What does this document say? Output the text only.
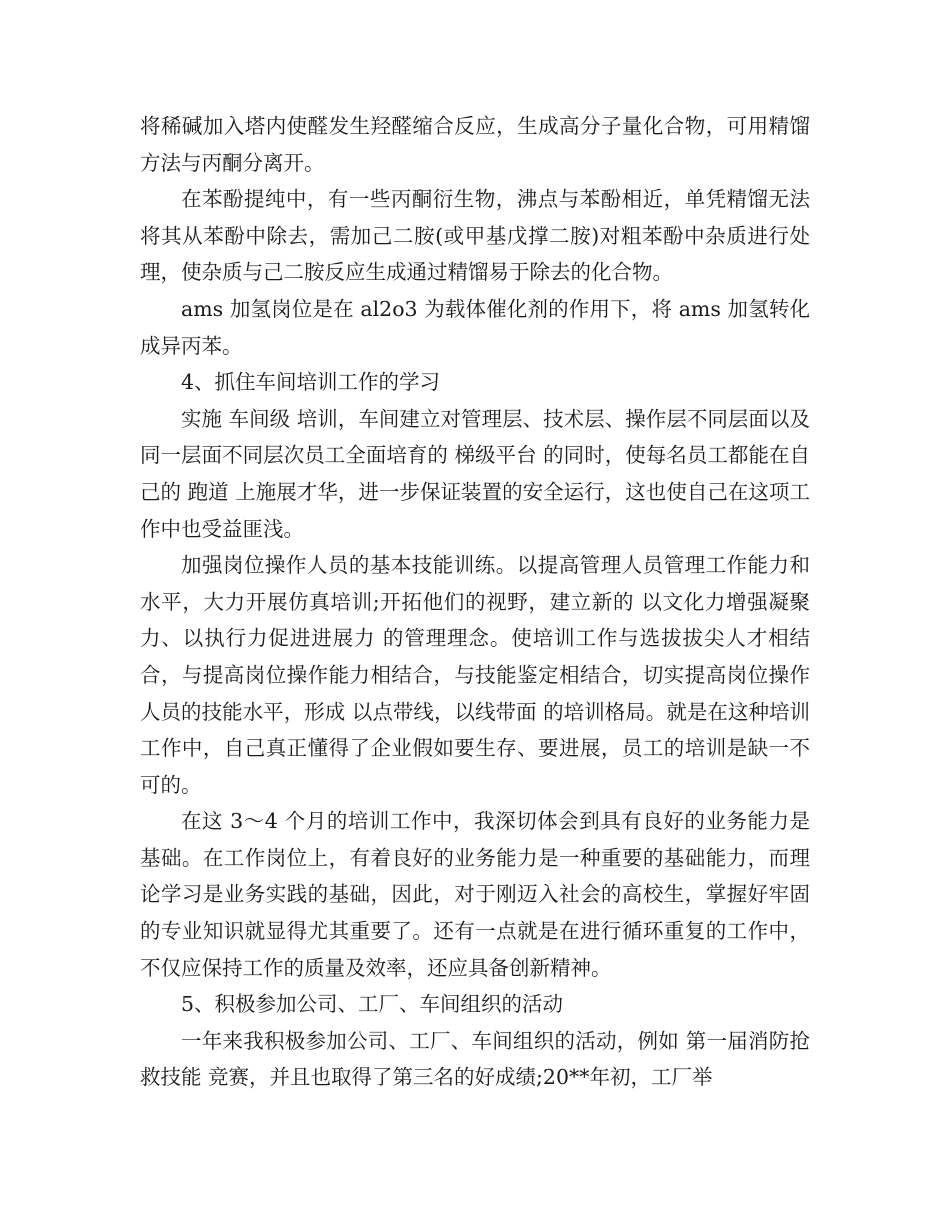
将稀碱加入塔内使醛发生羟醛缩合反应，生成高分子量化合物，可用精馏方法与丙酮分离开。

在苯酚提纯中，有一些丙酮衍生物，沸点与苯酚相近，单凭精馏无法将其从苯酚中除去，需加己二胺(或甲基戊撑二胺)对粗苯酚中杂质进行处理，使杂质与己二胺反应生成通过精馏易于除去的化合物。

ams 加氢岗位是在 al2o3 为载体催化剂的作用下，将 ams 加氢转化成异丙苯。

4、抓住车间培训工作的学习

实施 车间级 培训，车间建立对管理层、技术层、操作层不同层面以及同一层面不同层次员工全面培育的 梯级平台 的同时，使每名员工都能在自己的 跑道 上施展才华，进一步保证装置的安全运行，这也使自己在这项工作中也受益匪浅。

加强岗位操作人员的基本技能训练。以提高管理人员管理工作能力和水平，大力开展仿真培训;开拓他们的视野，建立新的 以文化力增强凝聚力、以执行力促进进展力 的管理理念。使培训工作与选拔拔尖人才相结合，与提高岗位操作能力相结合，与技能鉴定相结合，切实提高岗位操作人员的技能水平，形成 以点带线，以线带面 的培训格局。就是在这种培训工作中，自己真正懂得了企业假如要生存、要进展，员工的培训是缺一不可的。

在这 3～4 个月的培训工作中，我深切体会到具有良好的业务能力是基础。在工作岗位上，有着良好的业务能力是一种重要的基础能力，而理论学习是业务实践的基础，因此，对于刚迈入社会的高校生，掌握好牢固的专业知识就显得尤其重要了。还有一点就是在进行循环重复的工作中，不仅应保持工作的质量及效率，还应具备创新精神。

5、积极参加公司、工厂、车间组织的活动

一年来我积极参加公司、工厂、车间组织的活动，例如 第一届消防抢救技能 竞赛，并且也取得了第三名的好成绩;20**年初，工厂举
